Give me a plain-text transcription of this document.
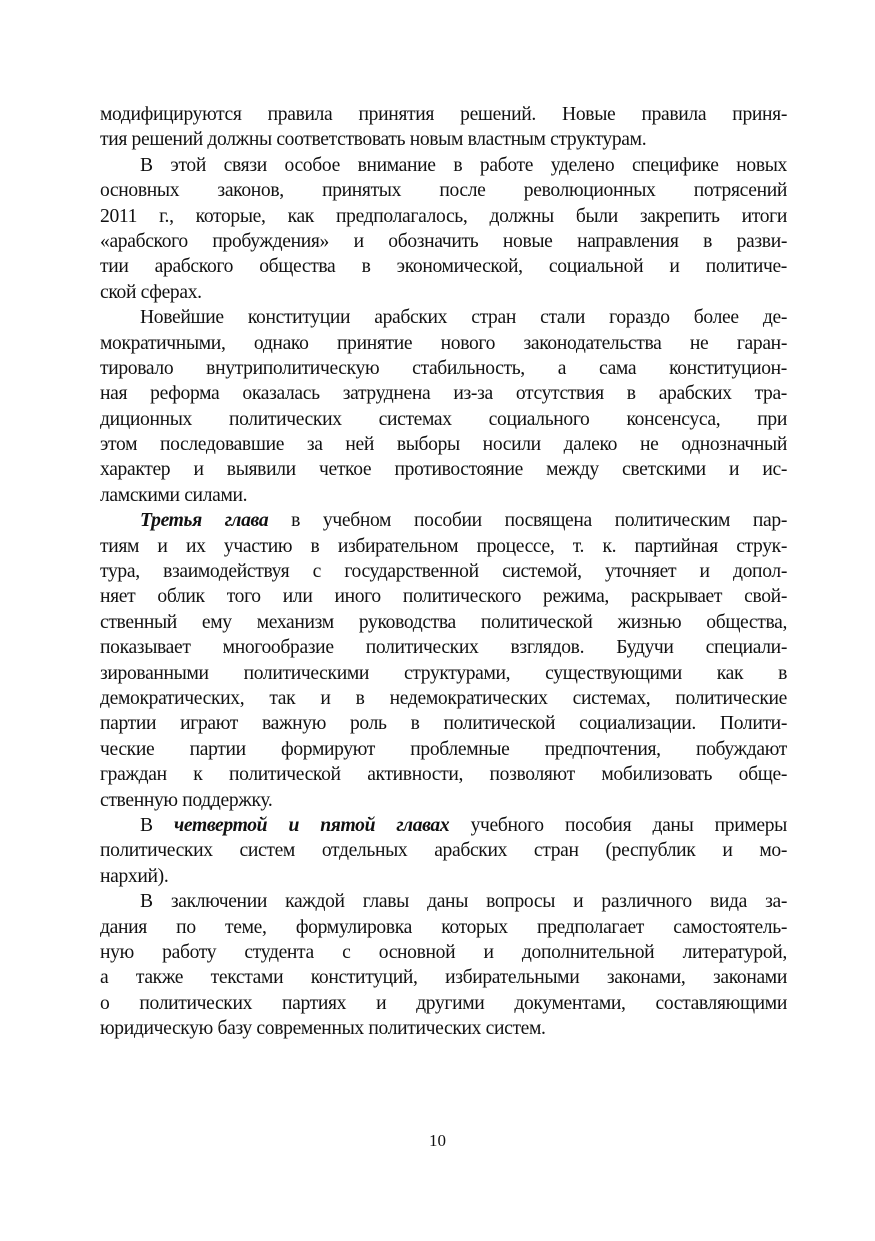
модифицируются правила принятия решений. Новые правила приня-
тия решений должны соответствовать новым властным структурам.
В этой связи особое внимание в работе уделено специфике новых
основных законов, принятых после революционных потрясений
2011 г., которые, как предполагалось, должны были закрепить итоги
«арабского пробуждения» и обозначить новые направления в разви-
тии арабского общества в экономической, социальной и политиче-
ской сферах.
Новейшие конституции арабских стран стали гораздо более де-
мократичными, однако принятие нового законодательства не гаран-
тировало внутриполитическую стабильность, а сама конституцион-
ная реформа оказалась затруднена из-за отсутствия в арабских тра-
диционных политических системах социального консенсуса, при
этом последовавшие за ней выборы носили далеко не однозначный
характер и выявили четкое противостояние между светскими и ис-
ламскими силами.
Третья глава в учебном пособии посвящена политическим пар-
тиям и их участию в избирательном процессе, т. к. партийная струк-
тура, взаимодействуя с государственной системой, уточняет и допол-
няет облик того или иного политического режима, раскрывает свой-
ственный ему механизм руководства политической жизнью общества,
показывает многообразие политических взглядов. Будучи специали-
зированными политическими структурами, существующими как в
демократических, так и в недемократических системах, политические
партии играют важную роль в политической социализации. Полити-
ческие партии формируют проблемные предпочтения, побуждают
граждан к политической активности, позволяют мобилизовать обще-
ственную поддержку.
В четвертой и пятой главах учебного пособия даны примеры
политических систем отдельных арабских стран (республик и мо-
нархий).
В заключении каждой главы даны вопросы и различного вида за-
дания по теме, формулировка которых предполагает самостоятель-
ную работу студента с основной и дополнительной литературой,
а также текстами конституций, избирательными законами, законами
о политических партиях и другими документами, составляющими
юридическую базу современных политических систем.
10
